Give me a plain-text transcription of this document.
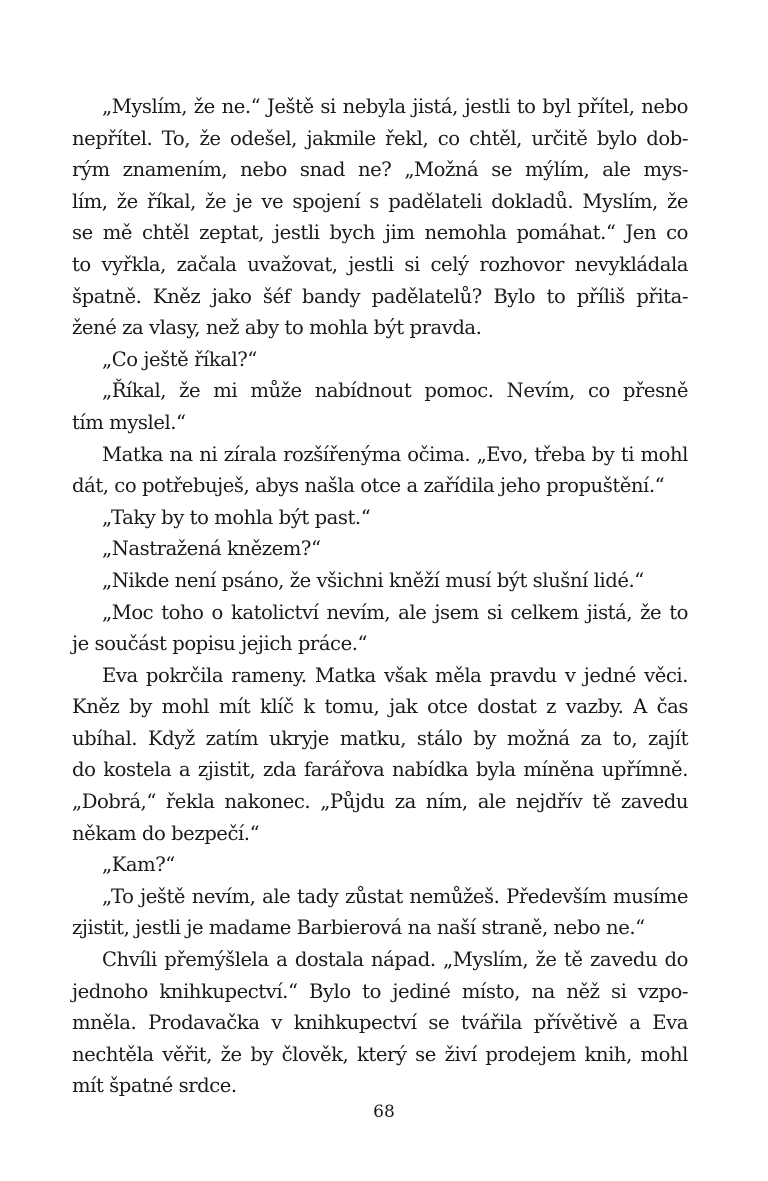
„Myslím, že ne.“ Ještě si nebyla jistá, jestli to byl přítel, nebo
nepřítel. To, že odešel, jakmile řekl, co chtěl, určitě bylo dob-
rým znamením, nebo snad ne? „Možná se mýlím, ale mys-
lím, že říkal, že je ve spojení s padělateli dokladů. Myslím, že
se mě chtěl zeptat, jestli bych jim nemohla pomáhat.“ Jen co
to vyřkla, začala uvažovat, jestli si celý rozhovor nevykládala
špatně. Kněz jako šéf bandy padělatelů? Bylo to příliš přita-
žené za vlasy, než aby to mohla být pravda.
„Co ještě říkal?“
„Říkal, že mi může nabídnout pomoc. Nevím, co přesně
tím myslel.“
Matka na ni zírala rozšířenýma očima. „Evo, třeba by ti mohl
dát, co potřebuješ, abys našla otce a zařídila jeho propuštění.“
„Taky by to mohla být past.“
„Nastražená knězem?“
„Nikde není psáno, že všichni kněží musí být slušní lidé.“
„Moc toho o katolictví nevím, ale jsem si celkem jistá, že to
je součást popisu jejich práce.“
Eva pokrčila rameny. Matka však měla pravdu v jedné věci.
Kněz by mohl mít klíč k tomu, jak otce dostat z vazby. A čas
ubíhal. Když zatím ukryje matku, stálo by možná za to, zajít
do kostela a zjistit, zda farářova nabídka byla míněna upřímně.
„Dobrá,“ řekla nakonec. „Půjdu za ním, ale nejdřív tě zavedu
někam do bezpečí.“
„Kam?“
„To ještě nevím, ale tady zůstat nemůžeš. Především musíme
zjistit, jestli je madame Barbierová na naší straně, nebo ne.“
Chvíli přemýšlela a dostala nápad. „Myslím, že tě zavedu do
jednoho knihkupectví.“ Bylo to jediné místo, na něž si vzpo-
mněla. Prodavačka v knihkupectví se tvářila přívětivě a Eva
nechtěla věřit, že by člověk, který se živí prodejem knih, mohl
mít špatné srdce.
68
